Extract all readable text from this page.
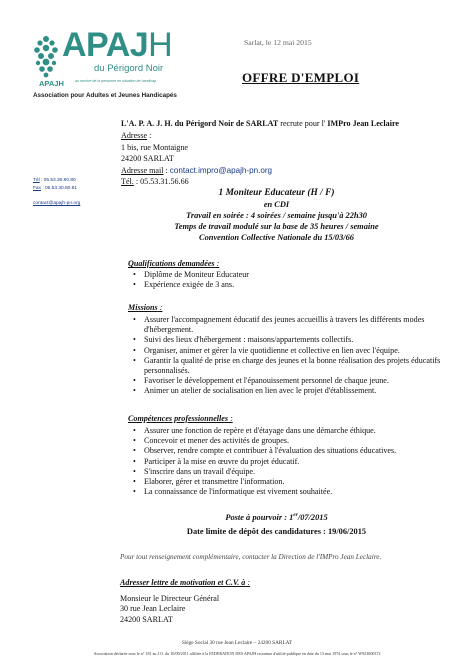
APAJH
du Périgord Noir
APAJH	au service de la personne en situation de handicap
Association pour Adultes et Jeunes Handicapés
Sarlat, le 12 mai 2015
OFFRE D'EMPLOI
L'A. P. A. J. H. du Périgord Noir de SARLAT recrute pour l' IMPro Jean Leclaire
Adresse :
1 bis, rue Montaigne
24200 SARLAT
Adresse mail : contact.impro@apajh-pn.org
Tél. : 05.53.31.56.66
Tél : 05.53.30.80.80
Fax : 05.53.30.80.81
contact@apajh-pn.org
1 Moniteur Educateur (H / F)
en CDI
Travail en soirée : 4 soirées / semaine jusqu'à 22h30
Temps de travail modulé sur la base de 35 heures / semaine
Convention Collective Nationale du 15/03/66
Qualifications demandées :
• Diplôme de Moniteur Educateur
• Expérience exigée de 3 ans.
Missions :
• Assurer l'accompagnement éducatif des jeunes accueillis à travers les différents modes d'hébergement.
• Suivi des lieux d'hébergement : maisons/appartements collectifs.
• Organiser, animer et gérer la vie quotidienne et collective en lien avec l'équipe.
• Garantir la qualité de prise en charge des jeunes et la bonne réalisation des projets éducatifs personnalisés.
• Favoriser le développement et l'épanouissement personnel de chaque jeune.
• Animer un atelier de socialisation en lien avec le projet d'établissement.
Compétences professionnelles :
• Assurer une fonction de repère et d'étayage dans une démarche éthique.
• Concevoir et mener des activités de groupes.
• Observer, rendre compte et contribuer à l'évaluation des situations éducatives.
• Participer à la mise en œuvre du projet éducatif.
• S'inscrire dans un travail d'équipe.
• Elaborer, gérer et transmettre l'information.
• La connaissance de l'informatique est vivement souhaitée.
Poste à pourvoir : 1er/07/2015
Date limite de dépôt des candidatures : 19/06/2015
Pour tout renseignement complémentaire, contacter la Direction de l'IMPro Jean Leclaire.
Adresser lettre de motivation et C.V. à :
Monsieur le Directeur Général
30 rue Jean Leclaire
24200 SARLAT
Siège Social 30 rue Jean Leclaire – 24200 SARLAT
Association déclarée sous le n° 181 au J.O. du 10/09/2011 affiliée à la FEDERATION DES APAJH reconnue d'utilité publique en date du 13 mai 1974 sous le n° W923000372
